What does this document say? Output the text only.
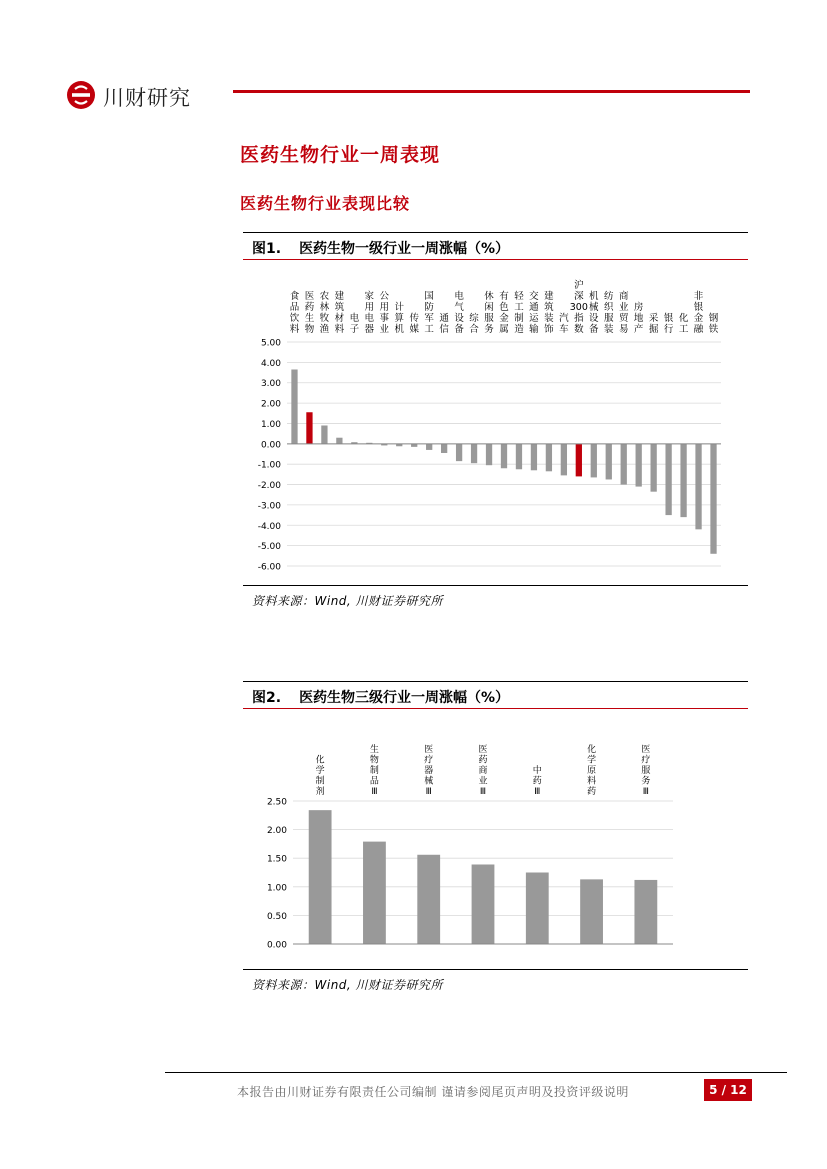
川财研究
医药生物行业一周表现
医药生物行业表现比较
图1. 医药生物一级行业一周涨幅（%）
5.00
4.00
3.00
2.00
1.00
0.00
-1.00
-2.00
-3.00
-4.00
-5.00
-6.00
食品饮料
医药生物
农林牧渔
建筑材料
电子
家用电器
公用事业
计算机
传媒
国防军工
通信
电气设备
综合
休闲服务
有色金属
轻工制造
交通运输
建筑装饰
汽车
沪深 300 指数
机械设备
纺织服装
商业贸易
房地产
采掘
银行
化工
非银金融
钢铁
资料来源：Wind, 川财证券研究所
图2. 医药生物三级行业一周涨幅（%）
2.50
2.00
1.50
1.00
0.50
0.00
化学制剂
生物制品 Ⅲ
医疗器械 Ⅲ
医药商业 Ⅲ
中药 Ⅲ
化学原料药
医疗服务 Ⅲ
资料来源：Wind, 川财证券研究所
本报告由川财证券有限责任公司编制 谨请参阅尾页声明及投资评级说明	5 / 12
